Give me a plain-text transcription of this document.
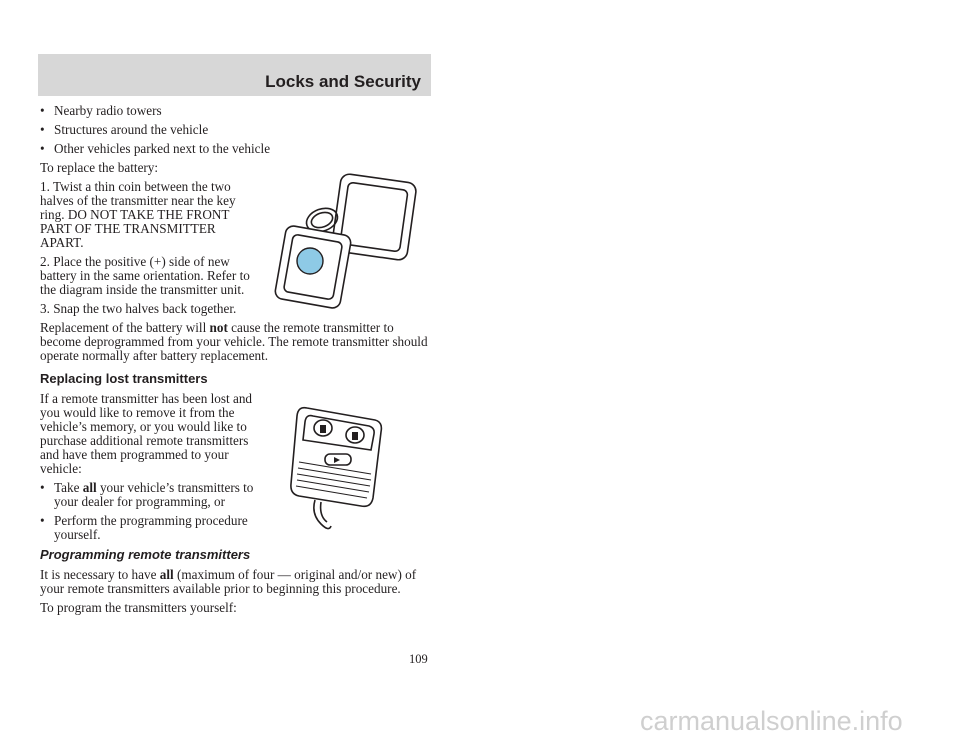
Locks and Security
• Nearby radio towers
• Structures around the vehicle
• Other vehicles parked next to the vehicle

To replace the battery:

1. Twist a thin coin between the two halves of the transmitter near the key ring. DO NOT TAKE THE FRONT PART OF THE TRANSMITTER APART.

2. Place the positive (+) side of new battery in the same orientation. Refer to the diagram inside the transmitter unit.

3. Snap the two halves back together.

Replacement of the battery will not cause the remote transmitter to become deprogrammed from your vehicle. The remote transmitter should operate normally after battery replacement.

Replacing lost transmitters

If a remote transmitter has been lost and you would like to remove it from the vehicle’s memory, or you would like to purchase additional remote transmitters and have them programmed to your vehicle:

• Take all your vehicle’s transmitters to your dealer for programming, or
• Perform the programming procedure yourself.
Programming remote transmitters

It is necessary to have all (maximum of four — original and/or new) of your remote transmitters available prior to beginning this procedure.

To program the transmitters yourself:

109
carmanualsonline.info
